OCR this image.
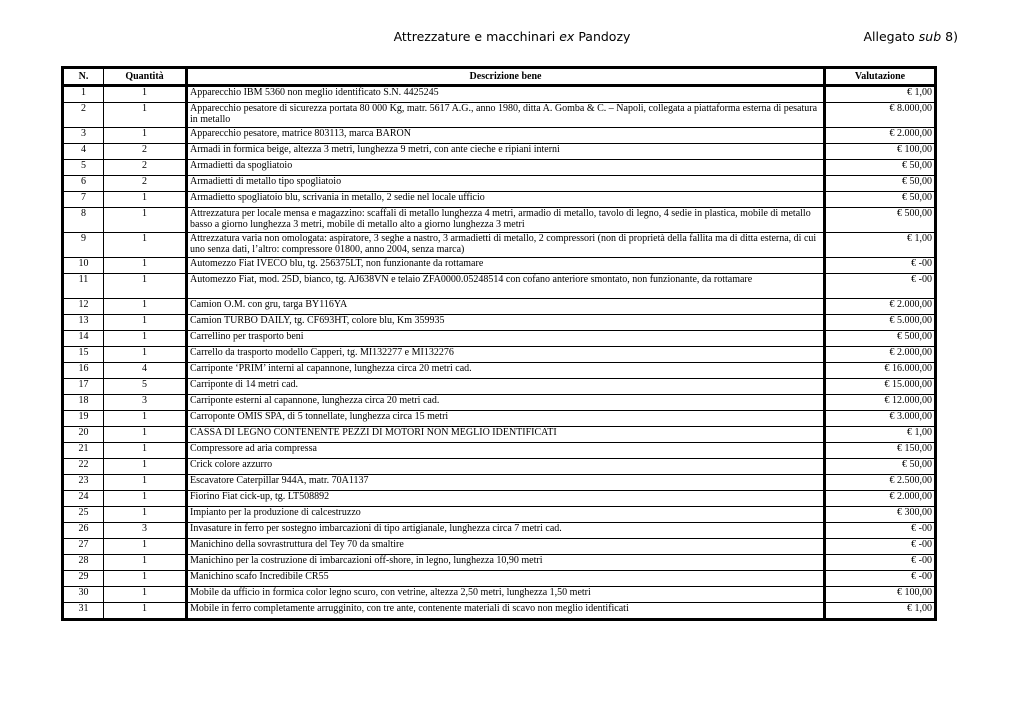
Attrezzature e macchinari ex Pandozy	Allegato sub 8)
N.	Quantità	Descrizione bene	Valutazione
1	1	Apparecchio IBM 5360 non meglio identificato S.N. 4425245	€ 1,00
2	1	Apparecchio pesatore di sicurezza portata 80 000 Kg, matr. 5617 A.G., anno 1980, ditta A. Gomba & C. – Napoli, collegata a piattaforma esterna di pesatura in metallo	€ 8.000,00
3	1	Apparecchio pesatore, matrice 803113, marca BARON	€ 2.000,00
4	2	Armadi in formica beige, altezza 3 metri, lunghezza 9 metri, con ante cieche e ripiani interni	€ 100,00
5	2	Armadietti da spogliatoio	€ 50,00
6	2	Armadietti di metallo tipo spogliatoio	€ 50,00
7	1	Armadietto spogliatoio blu, scrivania in metallo, 2 sedie nel locale ufficio	€ 50,00
8	1	Attrezzatura per locale mensa e magazzino: scaffali di metallo lunghezza 4 metri, armadio di metallo, tavolo di legno, 4 sedie in plastica, mobile di metallo basso a giorno lunghezza 3 metri, mobile di metallo alto a giorno lunghezza 3 metri	€ 500,00
9	1	Attrezzatura varia non omologata: aspiratore, 3 seghe a nastro, 3 armadietti di metallo, 2 compressori (non di proprietà della fallita ma di ditta esterna, di cui uno senza dati, l’altro: compressore 01800, anno 2004, senza marca)	€ 1,00
10	1	Automezzo Fiat IVECO blu, tg. 256375LT, non funzionante da rottamare	€ -00
11	1	Automezzo Fiat, mod. 25D, bianco, tg. AJ638VN e telaio ZFA0000.05248514 con cofano anteriore smontato, non funzionante, da rottamare	€ -00
12	1	Camion O.M. con gru, targa BY116YA	€ 2.000,00
13	1	Camion TURBO DAILY, tg. CF693HT, colore blu, Km 359935	€ 5.000,00
14	1	Carrellino per trasporto beni	€ 500,00
15	1	Carrello da trasporto modello Capperi, tg. MI132277 e MI132276	€ 2.000,00
16	4	Carriponte ‘PRIM’ interni al capannone, lunghezza circa 20 metri cad.	€ 16.000,00
17	5	Carriponte di 14 metri cad.	€ 15.000,00
18	3	Carriponte esterni al capannone, lunghezza circa 20 metri cad.	€ 12.000,00
19	1	Carroponte OMIS SPA, di 5 tonnellate, lunghezza circa 15 metri	€ 3.000,00
20	1	CASSA DI LEGNO CONTENENTE PEZZI DI MOTORI NON MEGLIO IDENTIFICATI	€ 1,00
21	1	Compressore ad aria compressa	€ 150,00
22	1	Crick colore azzurro	€ 50,00
23	1	Escavatore Caterpillar 944A, matr. 70A1137	€ 2.500,00
24	1	Fiorino Fiat cick-up, tg. LT508892	€ 2.000,00
25	1	Impianto per la produzione di calcestruzzo	€ 300,00
26	3	Invasature in ferro per sostegno imbarcazioni di tipo artigianale, lunghezza circa 7 metri cad.	€ -00
27	1	Manichino della sovrastruttura del Tey 70 da smaltire	€ -00
28	1	Manichino per la costruzione di imbarcazioni off-shore, in legno, lunghezza 10,90 metri	€ -00
29	1	Manichino scafo Incredibile CR55	€ -00
30	1	Mobile da ufficio in formica color legno scuro, con vetrine, altezza 2,50 metri, lunghezza 1,50 metri	€ 100,00
31	1	Mobile in ferro completamente arrugginito, con tre ante, contenente materiali di scavo non meglio identificati	€ 1,00
